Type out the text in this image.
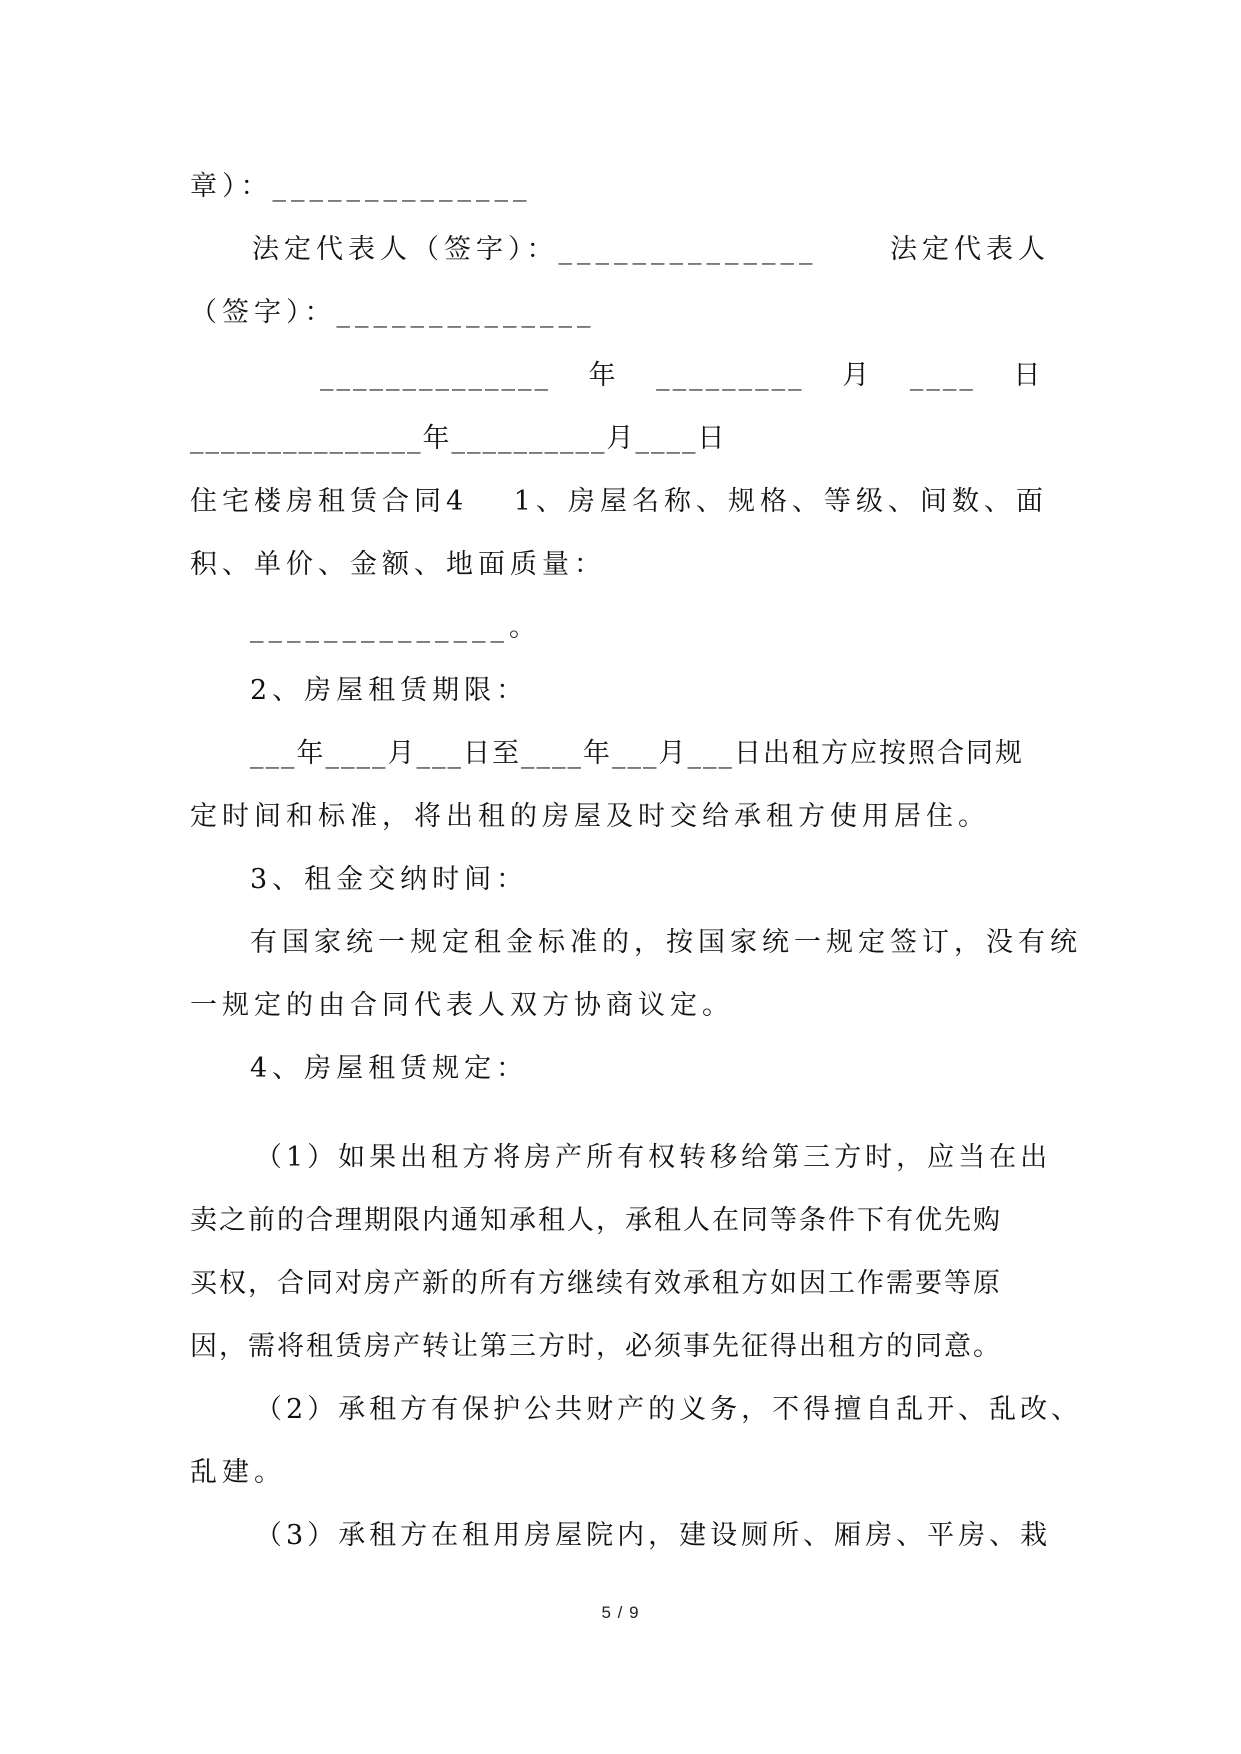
章）：______________
法定代表人（签字）：______________	法定代表人
（签字）：______________
______________ 年 _________ 月 ____ 日
_______________年__________月____日
住宅楼房租赁合同4　 1、房屋名称、规格、等级、间数、面
积、单价、金额、地面质量：
______________。
2、房屋租赁期限：
___年____月___日至____年___月___日出租方应按照合同规
定时间和标准，将出租的房屋及时交给承租方使用居住。
3、租金交纳时间：
有国家统一规定租金标准的，按国家统一规定签订，没有统
一规定的由合同代表人双方协商议定。
4、房屋租赁规定：
（1）如果出租方将房产所有权转移给第三方时，应当在出
卖之前的合理期限内通知承租人，承租人在同等条件下有优先购
买权，合同对房产新的所有方继续有效承租方如因工作需要等原
因，需将租赁房产转让第三方时，必须事先征得出租方的同意。
（2）承租方有保护公共财产的义务，不得擅自乱开、乱改、
乱建。
（3）承租方在租用房屋院内，建设厕所、厢房、平房、栽
5 / 9
